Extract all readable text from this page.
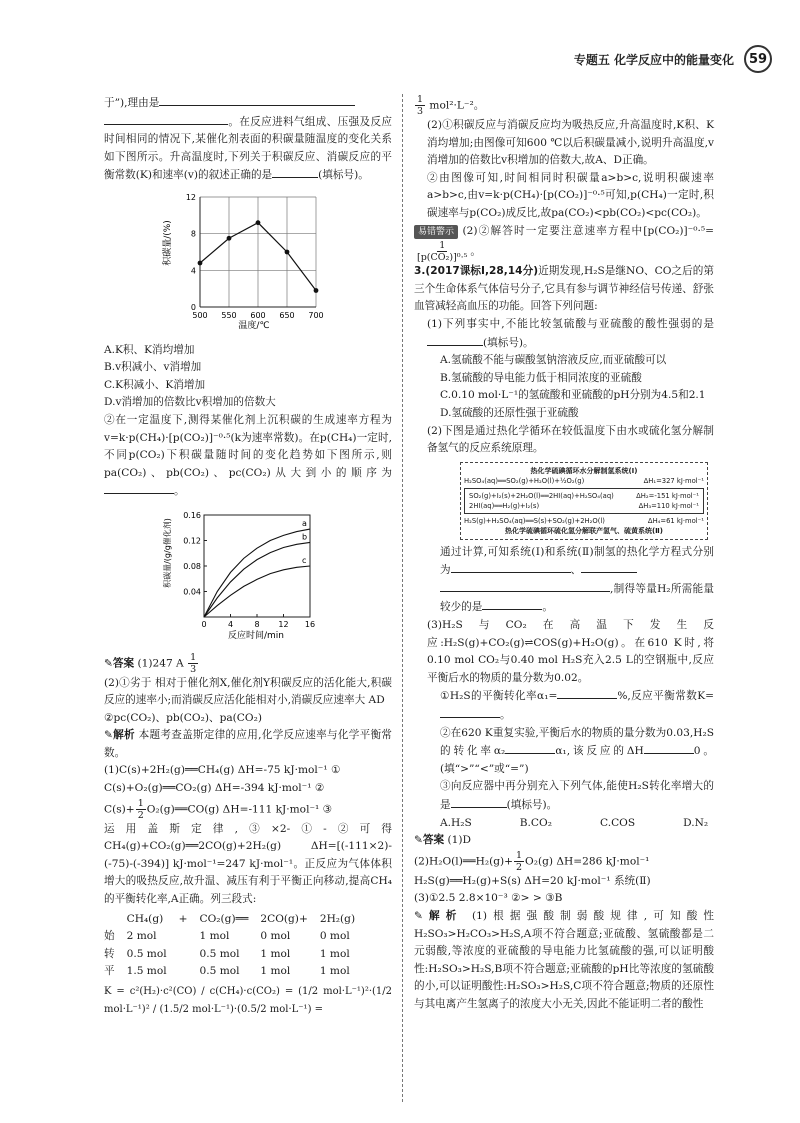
专题五 化学反应中的能量变化	59
于”),理由是
。在反应进料气组成、压强及反应时间相同的情况下,某催化剂表面的积碳量随温度的变化关系如下图所示。升高温度时,下列关于积碳反应、消碳反应的平衡常数(K)和速率(v)的叙述正确的是	(填标号)。
0
4
8
12
500 550 600 650 700
积碳量/(%)
温度/℃
A.K积、K消均增加
B.v积减小、v消增加
C.K积减小、K消增加
D.v消增加的倍数比v积增加的倍数大
②在一定温度下,测得某催化剂上沉积碳的生成速率方程为v=k·p(CH₄)·[p(CO₂)]⁻⁰·⁵(k为速率常数)。在p(CH₄)一定时,不同p(CO₂)下积碳量随时间的变化趋势如下图所示,则pa(CO₂)、pb(CO₂)、pc(CO₂)从大到小的顺序为。
0.04
0.08
0.12
0.16
0	4	8 12 16
a
b
c
积碳量/(g/g催化剂)
反应时间/min
✎答案 (1)247 A $\frac{1}{3}$
(2)①劣于 相对于催化剂X,催化剂Y积碳反应的活化能大,积碳反应的速率小;而消碳反应活化能相对小,消碳反应速率大 AD
②pc(CO₂)、pb(CO₂)、pa(CO₂)
✎解析 本题考查盖斯定律的应用,化学反应速率与化学平衡常数。
(1)C(s)+2H₂(g)══CH₄(g) ΔH=-75 kJ·mol⁻¹ ①
C(s)+O₂(g)══CO₂(g) ΔH=-394 kJ·mol⁻¹ ②
$C(s)+ \frac{1}{2}$ O₂(g)══CO(g) ΔH=-111 kJ·mol⁻¹ ③
运用盖斯定律,③×2-①-②可得CH₄(g)+CO₂(g)══2CO(g)+2H₂(g) ΔH=[(-111×2)-(-75)-(-394)] kJ·mol⁻¹=247 kJ·mol⁻¹。正反应为气体体积增大的吸热反应,故升温、减压有利于平衡正向移动,提高CH₄的平衡转化率,A正确。列三段式:
	CH₄(g)	+	CO₂(g)══	2CO(g)+	2H₂(g)
始	2 mol		1 mol	0 mol	0 mol
转	0.5 mol		0.5 mol	1 mol	1 mol
平	1.5 mol		0.5 mol	1 mol	1 mol
K = c²(H₂)·c²(CO) / c(CH₄)·c(CO₂) = (1/2 mol·L⁻¹)²·(1/2 mol·L⁻¹)² / (1.5/2 mol·L⁻¹)·(0.5/2 mol·L⁻¹) =
$\frac{1}{3} mol^2\cdot L^{-2}$。
(2)①积碳反应与消碳反应均为吸热反应,升高温度时,K积、K消均增加;由图像可知600 ℃以后积碳量减小,说明升高温度,v消增加的倍数比v积增加的倍数大,故A、D正确。
②由图像可知,时间相同时积碳量a>b>c,说明积碳速率a>b>c,由v=k·p(CH₄)·[p(CO₂)]⁻⁰·⁵可知,p(CH₄)一定时,积碳速率与p(CO₂)成反比,故pa(CO₂)<pb(CO₂)<pc(CO₂)。
易错警示 (2)②解答时一定要注意速率方程中[p(CO₂)]⁻⁰·⁵=
$\frac{1}{\text{[p(CO₂)]⁰·⁵}}$ 。
3.(2017课标Ⅰ,28,14分)近期发现,H₂S是继NO、CO之后的第三个生命体系气体信号分子,它具有参与调节神经信号传递、舒张血管减轻高血压的功能。回答下列问题:
(1)下列事实中,不能比较氢硫酸与亚硫酸的酸性强弱的是(填标号)。
A.氢硫酸不能与碳酸氢钠溶液反应,而亚硫酸可以
B.氢硫酸的导电能力低于相同浓度的亚硫酸
C.0.10 mol·L⁻¹的氢硫酸和亚硫酸的pH分别为4.5和2.1
D.氢硫酸的还原性强于亚硫酸
(2)下图是通过热化学循环在较低温度下由水或硫化氢分解制备氢气的反应系统原理。
热化学硫碘循环水分解制氢系统(Ⅰ)
H₂SO₄(aq)══SO₂(g)+H₂O(l)+½O₂(g)	ΔH₁=327 kJ·mol⁻¹
SO₂(g)+I₂(s)+2H₂O(l)══2HI(aq)+H₂SO₄(aq)	ΔH₂=-151 kJ·mol⁻¹
2HI(aq)══H₂(g)+I₂(s)	ΔH₃=110 kJ·mol⁻¹
H₂S(g)+H₂SO₄(aq)══S(s)+SO₂(g)+2H₂O(l)	ΔH₄=61 kJ·mol⁻¹
热化学硫碘循环硫化氢分解联产氢气、硫黄系统(Ⅱ)
通过计算,可知系统(Ⅰ)和系统(Ⅱ)制氢的热化学方程式分别为	、
,制得等量H₂所需能量较少的是	。
(3)H₂S与CO₂在高温下发生反应:H₂S(g)+CO₂(g)⇌COS(g)+H₂O(g)。在610 K时,将0.10 mol CO₂与0.40 mol H₂S充入2.5 L的空钢瓶中,反应平衡后水的物质的量分数为0.02。
①H₂S的平衡转化率α₁=	%,反应平衡常数K=。
②在620 K重复实验,平衡后水的物质的量分数为0.03,H₂S的转化率α₂	α₁,该反应的ΔH	0。(填“>”“<”或“=”)
③向反应器中再分别充入下列气体,能使H₂S转化率增大的是	(填标号)。
A.H₂S	B.CO₂	C.COS	D.N₂
✎答案 (1)D
(2)H₂O(l)══H₂(g)+ $\frac{1}{2} O_2(g)$ ΔH=286 kJ·mol⁻¹
H₂S(g)══H₂(g)+S(s) ΔH=20 kJ·mol⁻¹ 系统(Ⅱ)
(3)①2.5 2.8×10⁻³ ②> > ③B
✎解析 (1)根据强酸制弱酸规律,可知酸性H₂SO₃>H₂CO₃>H₂S,A项不符合题意;亚硫酸、氢硫酸都是二元弱酸,等浓度的亚硫酸的导电能力比氢硫酸的强,可以证明酸性:H₂SO₃>H₂S,B项不符合题意;亚硫酸的pH比等浓度的氢硫酸的小,可以证明酸性:H₂SO₃>H₂S,C项不符合题意;物质的还原性与其电离产生氢离子的浓度大小无关,因此不能证明二者的酸性
